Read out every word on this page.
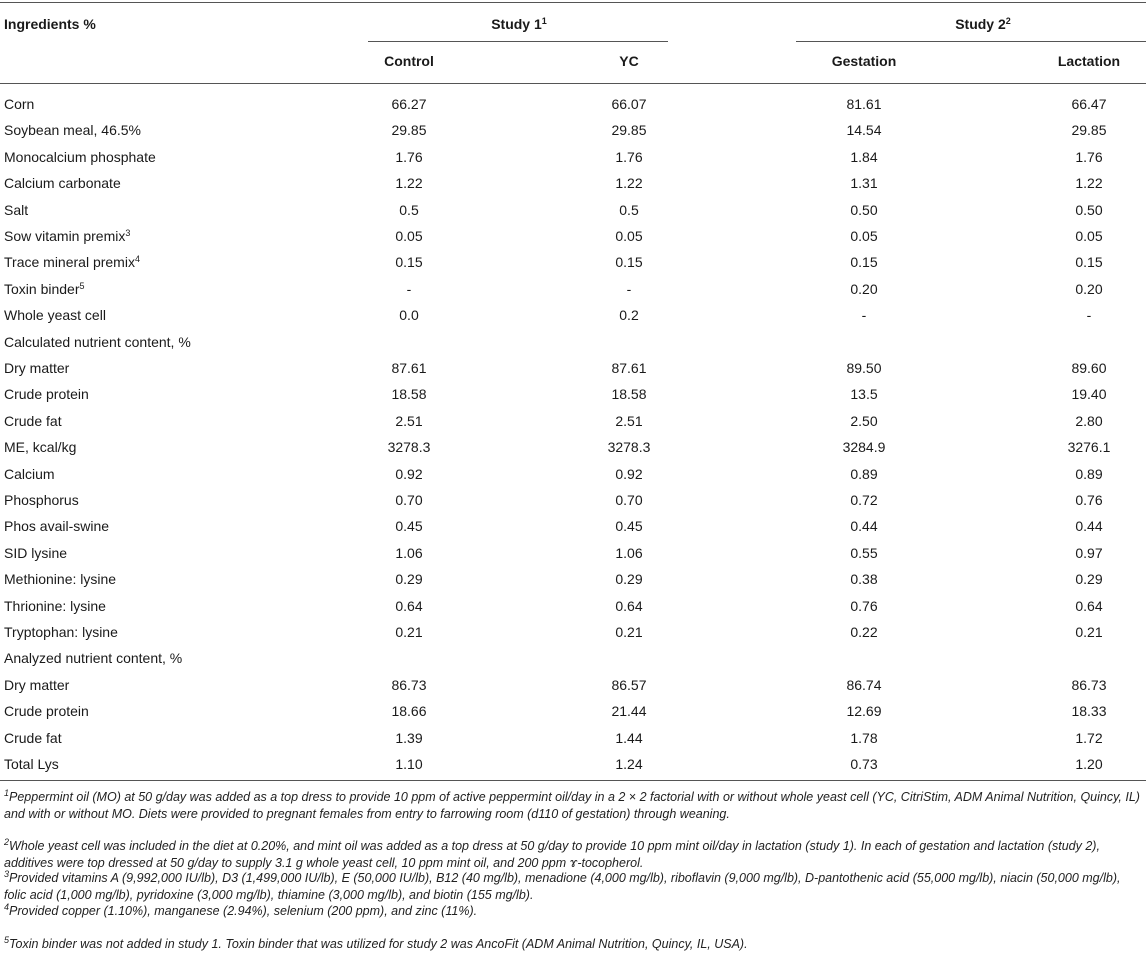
Ingredients %	Study $1^1$	Study $2^2$
Control	YC	Gestation	Lactation
Corn	66.27	66.07	81.61	66.47
Soybean meal, 46.5%	29.85	29.85	14.54	29.85
Monocalcium phosphate	1.76	1.76	1.84	1.76
Calcium carbonate	1.22	1.22	1.31	1.22
Salt	0.5	0.5	0.50	0.50
Sow vitamin premix$^3$	0.05	0.05	0.05	0.05
Trace mineral premix$^4$	0.15	0.15	0.15	0.15
Toxin binder$^5$	-	-	0.20	0.20
Whole yeast cell	0.0	0.2	-	-
Calculated nutrient content, %
Dry matter	87.61	87.61	89.50	89.60
Crude protein	18.58	18.58	13.5	19.40
Crude fat	2.51	2.51	2.50	2.80
ME, kcal/kg	3278.3	3278.3	3284.9	3276.1
Calcium	0.92	0.92	0.89	0.89
Phosphorus	0.70	0.70	0.72	0.76
Phos avail-swine	0.45	0.45	0.44	0.44
SID lysine	1.06	1.06	0.55	0.97
Methionine: lysine	0.29	0.29	0.38	0.29
Thrionine: lysine	0.64	0.64	0.76	0.64
Tryptophan: lysine	0.21	0.21	0.22	0.21
Analyzed nutrient content, %
Dry matter	86.73	86.57	86.74	86.73
Crude protein	18.66	21.44	12.69	18.33
Crude fat	1.39	1.44	1.78	1.72
Total Lys	1.10	1.24	0.73	1.20
$^1$Peppermint oil (MO) at 50 g/day was added as a top dress to provide 10 ppm of active peppermint oil/day in a 2 × 2 factorial with or without whole yeast cell (YC, CitriStim, ADM Animal Nutrition, Quincy, IL) and with or without MO. Diets were provided to pregnant females from entry to farrowing room (d110 of gestation) through weaning.
$^2$Whole yeast cell was included in the diet at 0.20%, and mint oil was added as a top dress at 50 g/day to provide 10 ppm mint oil/day in lactation (study 1). In each of gestation and lactation (study 2), additives were top dressed at 50 g/day to supply 3.1 g whole yeast cell, 10 ppm mint oil, and 200 ppm ɤ-tocopherol.
$^3$Provided vitamins A (9,992,000 IU/lb), D3 (1,499,000 IU/lb), E (50,000 IU/lb), B12 (40 mg/lb), menadione (4,000 mg/lb), riboflavin (9,000 mg/lb), D-pantothenic acid (55,000 mg/lb), niacin (50,000 mg/lb), folic acid (1,000 mg/lb), pyridoxine (3,000 mg/lb), thiamine (3,000 mg/lb), and biotin (155 mg/lb).
$^4$Provided copper (1.10%), manganese (2.94%), selenium (200 ppm), and zinc (11%).
$^5$Toxin binder was not added in study 1. Toxin binder that was utilized for study 2 was AncoFit (ADM Animal Nutrition, Quincy, IL, USA).
